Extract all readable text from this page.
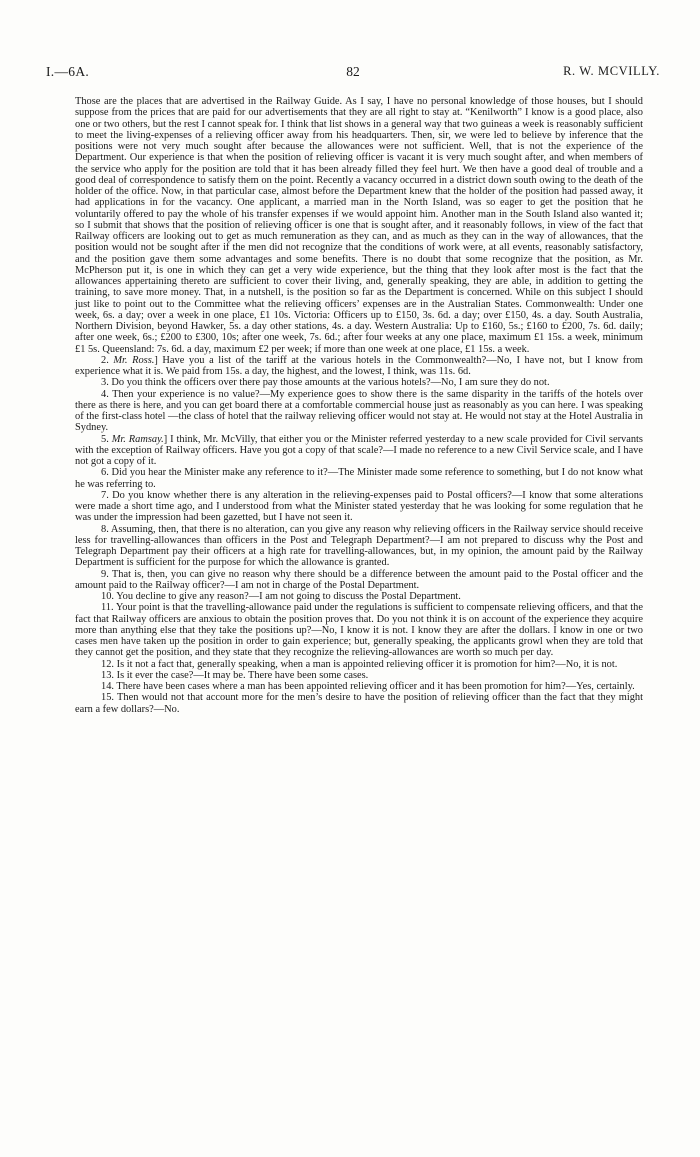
I.—6A.	82	R. W. MCVILLY.

Those are the places that are advertised in the Railway Guide. As I say, I have no personal knowledge of those houses, but I should suppose from the prices that are paid for our advertisements that they are all right to stay at. “Kenilworth” I know is a good place, also one or two others, but the rest I cannot speak for. I think that list shows in a general way that two guineas a week is reasonably sufficient to meet the living-expenses of a relieving officer away from his headquarters. Then, sir, we were led to believe by inference that the positions were not very much sought after because the allowances were not sufficient. Well, that is not the experience of the Department. Our experience is that when the position of relieving officer is vacant it is very much sought after, and when members of the service who apply for the position are told that it has been already filled they feel hurt. We then have a good deal of trouble and a good deal of correspondence to satisfy them on the point. Recently a vacancy occurred in a district down south owing to the death of the holder of the office. Now, in that particular case, almost before the Department knew that the holder of the position had passed away, it had applications in for the vacancy. One applicant, a married man in the North Island, was so eager to get the position that he voluntarily offered to pay the whole of his transfer expenses if we would appoint him. Another man in the South Island also wanted it; so I submit that shows that the position of relieving officer is one that is sought after, and it reasonably follows, in view of the fact that Railway officers are looking out to get as much remuneration as they can, and as much as they can in the way of allowances, that the position would not be sought after if the men did not recognize that the conditions of work were, at all events, reasonably satisfactory, and the position gave them some advantages and some benefits. There is no doubt that some recognize that the position, as Mr. McPherson put it, is one in which they can get a very wide experience, but the thing that they look after most is the fact that the allowances appertaining thereto are sufficient to cover their living, and, generally speaking, they are able, in addition to getting the training, to save more money. That, in a nutshell, is the position so far as the Department is concerned. While on this subject I should just like to point out to the Committee what the relieving officers’ expenses are in the Australian States. Commonwealth: Under one week, 6s. a day; over a week in one place, £1 10s. Victoria: Officers up to £150, 3s. 6d. a day; over £150, 4s. a day. South Australia, Northern Division, beyond Hawker, 5s. a day other stations, 4s. a day. Western Australia: Up to £160, 5s.; £160 to £200, 7s. 6d. daily; after one week, 6s.; £200 to £300, 10s; after one week, 7s. 6d.; after four weeks at any one place, maximum £1 15s. a week, minimum £1 5s. Queensland: 7s. 6d. a day, maximum £2 per week; if more than one week at one place, £1 15s. a week.

2. Mr. Ross.] Have you a list of the tariff at the various hotels in the Commonwealth?—No, I have not, but I know from experience what it is. We paid from 15s. a day, the highest, and the lowest, I think, was 11s. 6d.

3. Do you think the officers over there pay those amounts at the various hotels?—No, I am sure they do not.

4. Then your experience is no value?—My experience goes to show there is the same disparity in the tariffs of the hotels over there as there is here, and you can get board there at a comfortable commercial house just as reasonably as you can here. I was speaking of the first-class hotel —the class of hotel that the railway relieving officer would not stay at. He would not stay at the Hotel Australia in Sydney.

5. Mr. Ramsay.] I think, Mr. McVilly, that either you or the Minister referred yesterday to a new scale provided for Civil servants with the exception of Railway officers. Have you got a copy of that scale?—I made no reference to a new Civil Service scale, and I have not got a copy of it.

6. Did you hear the Minister make any reference to it?—The Minister made some reference to something, but I do not know what he was referring to.

7. Do you know whether there is any alteration in the relieving-expenses paid to Postal officers?—I know that some alterations were made a short time ago, and I understood from what the Minister stated yesterday that he was looking for some regulation that he was under the impression had been gazetted, but I have not seen it.

8. Assuming, then, that there is no alteration, can you give any reason why relieving officers in the Railway service should receive less for travelling-allowances than officers in the Post and Telegraph Department?—I am not prepared to discuss why the Post and Telegraph Department pay their officers at a high rate for travelling-allowances, but, in my opinion, the amount paid by the Railway Department is sufficient for the purpose for which the allowance is granted.

9. That is, then, you can give no reason why there should be a difference between the amount paid to the Postal officer and the amount paid to the Railway officer?—I am not in charge of the Postal Department.

10. You decline to give any reason?—I am not going to discuss the Postal Department.

11. Your point is that the travelling-allowance paid under the regulations is sufficient to compensate relieving officers, and that the fact that Railway officers are anxious to obtain the position proves that. Do you not think it is on account of the experience they acquire more than anything else that they take the positions up?—No, I know it is not. I know they are after the dollars. I know in one or two cases men have taken up the position in order to gain experience; but, generally speaking, the applicants growl when they are told that they cannot get the position, and they state that they recognize the relieving-allowances are worth so much per day.

12. Is it not a fact that, generally speaking, when a man is appointed relieving officer it is promotion for him?—No, it is not.

13. Is it ever the case?—It may be. There have been some cases.

14. There have been cases where a man has been appointed relieving officer and it has been promotion for him?—Yes, certainly.

15. Then would not that account more for the men’s desire to have the position of relieving officer than the fact that they might earn a few dollars?—No.
